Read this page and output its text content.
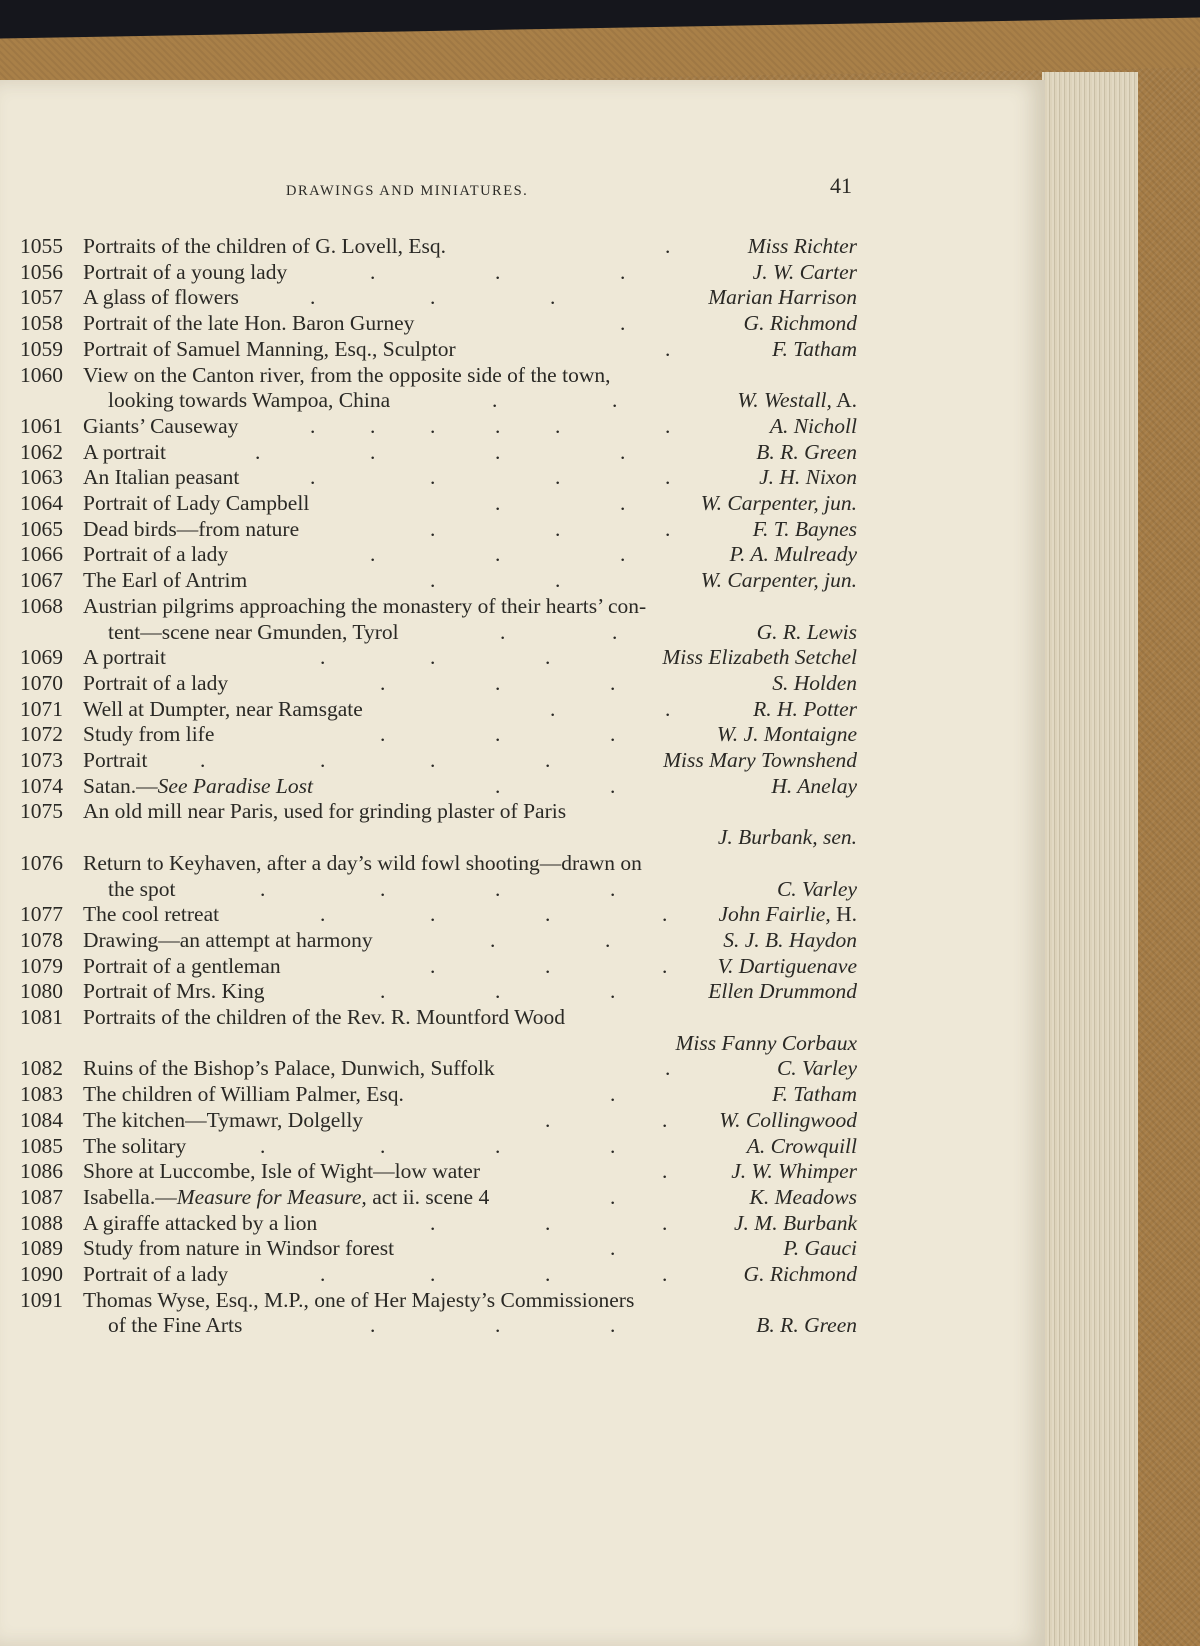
DRAWINGS AND MINIATURES.	41
1055 Portraits of the children of G. Lovell, Esq.	.	Miss Richter
1056 Portrait of a young lady	.	.	.	J. W. Carter
1057 A glass of flowers	.	.	.	Marian Harrison
1058 Portrait of the late Hon. Baron Gurney	.	G. Richmond
1059 Portrait of Samuel Manning, Esq., Sculptor	.	F. Tatham
1060 View on the Canton river, from the opposite side of the town,
looking towards Wampoa, China	.	.	W. Westall, A.
1061 Giants’ Causeway	.	.	.	.	.	.	A. Nicholl
1062 A portrait	.	.	.	.	B. R. Green
1063 An Italian peasant	.	.	.	.	J. H. Nixon
1064 Portrait of Lady Campbell	.	.	W. Carpenter, jun.
1065 Dead birds—from nature	.	.	.	F. T. Baynes
1066 Portrait of a lady	.	.	.	P. A. Mulready
1067 The Earl of Antrim	.	.	W. Carpenter, jun.
1068 Austrian pilgrims approaching the monastery of their hearts’ con-
tent—scene near Gmunden, Tyrol	.	.	G. R. Lewis
1069 A portrait	.	.	.	Miss Elizabeth Setchel
1070 Portrait of a lady	.	.	.	S. Holden
1071 Well at Dumpter, near Ramsgate	.	.	R. H. Potter
1072 Study from life	.	.	.	W. J. Montaigne
1073 Portrait .	.	.	.	Miss Mary Townshend
1074 Satan.—See Paradise Lost	.	.	H. Anelay
1075 An old mill near Paris, used for grinding plaster of Paris
J. Burbank, sen.
1076 Return to Keyhaven, after a day’s wild fowl shooting—drawn on
the spot	.	.	.	.	C. Varley
1077 The cool retreat	.	.	.	. John Fairlie, H.
1078 Drawing—an attempt at harmony	.	.	S. J. B. Haydon
1079 Portrait of a gentleman	.	.	. V. Dartiguenave
1080 Portrait of Mrs. King	.	.	.	Ellen Drummond
1081 Portraits of the children of the Rev. R. Mountford Wood
Miss Fanny Corbaux
1082 Ruins of the Bishop’s Palace, Dunwich, Suffolk	.	C. Varley
1083 The children of William Palmer, Esq.	.	F. Tatham
1084 The kitchen—Tymawr, Dolgelly	.	. W. Collingwood
1085 The solitary	.	.	.	.	A. Crowquill
1086 Shore at Luccombe, Isle of Wight—low water	.	J. W. Whimper
1087 Isabella.—Measure for Measure, act ii. scene 4	.	K. Meadows
1088 A giraffe attacked by a lion	.	.	.	J. M. Burbank
1089 Study from nature in Windsor forest	.	P. Gauci
1090 Portrait of a lady	.	.	.	.	G. Richmond
1091 Thomas Wyse, Esq., M.P., one of Her Majesty’s Commissioners
of the Fine Arts	.	.	.	B. R. Green
